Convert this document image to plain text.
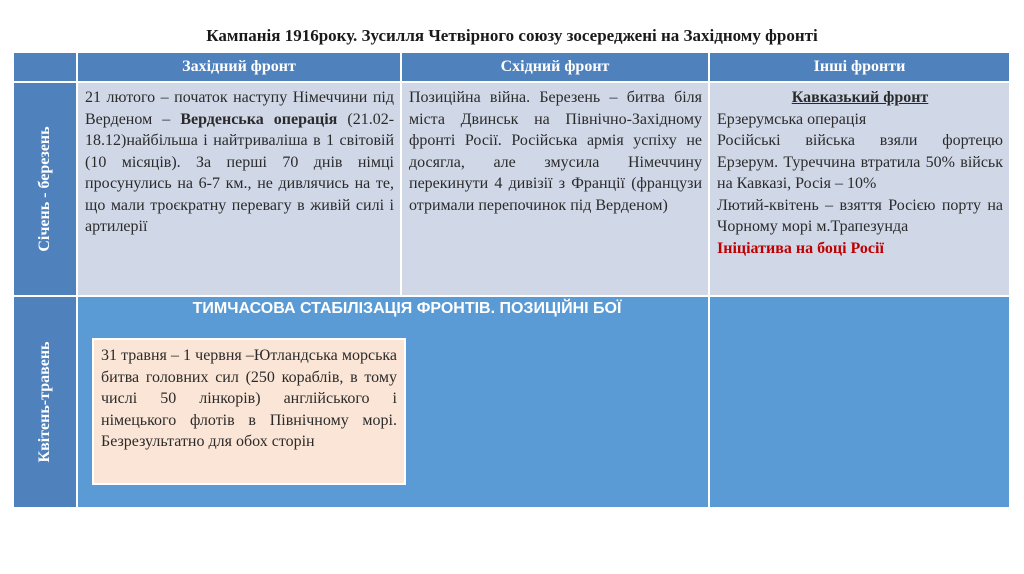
Кампанія 1916року. Зусилля Четвірного союзу зосереджені на Західному фронті
Західний фронт	Східний фронт	Інші фронти
Січень - березень
21 лютого – початок наступу Німеччини під Верденом – Верденська операція (21.02-18.12)найбільша і найтриваліша в 1 світовій (10 місяців). За перші 70 днів німці просунулись на 6-7 км., не дивлячись на те, що мали троєкратну перевагу в живій силі і артилерії
Позиційна війна. Березень – битва біля міста Двинськ на Північно-Західному фронті Росії. Російська армія успіху не досягла, але змусила Німеччину перекинути 4 дивізії з Франції (французи отримали перепочинок під Верденом)
Кавказький фронт
Ерзерумська операція
Російські війська взяли фортецю Ерзерум. Туреччина втратила 50% військ на Кавказі, Росія – 10%
Лютий-квітень – взяття Росією порту на Чорному морі м.Трапезунда
Ініціатива на боці Росії
Квітень-травень
ТИМЧАСОВА СТАБІЛІЗАЦІЯ ФРОНТІВ. ПОЗИЦІЙНІ БОЇ
31 травня – 1 червня –Ютландська морська битва головних сил (250 кораблів, в тому числі 50 лінкорів) англійського і німецького флотів в Північному морі. Безрезультатно для обох сторін
